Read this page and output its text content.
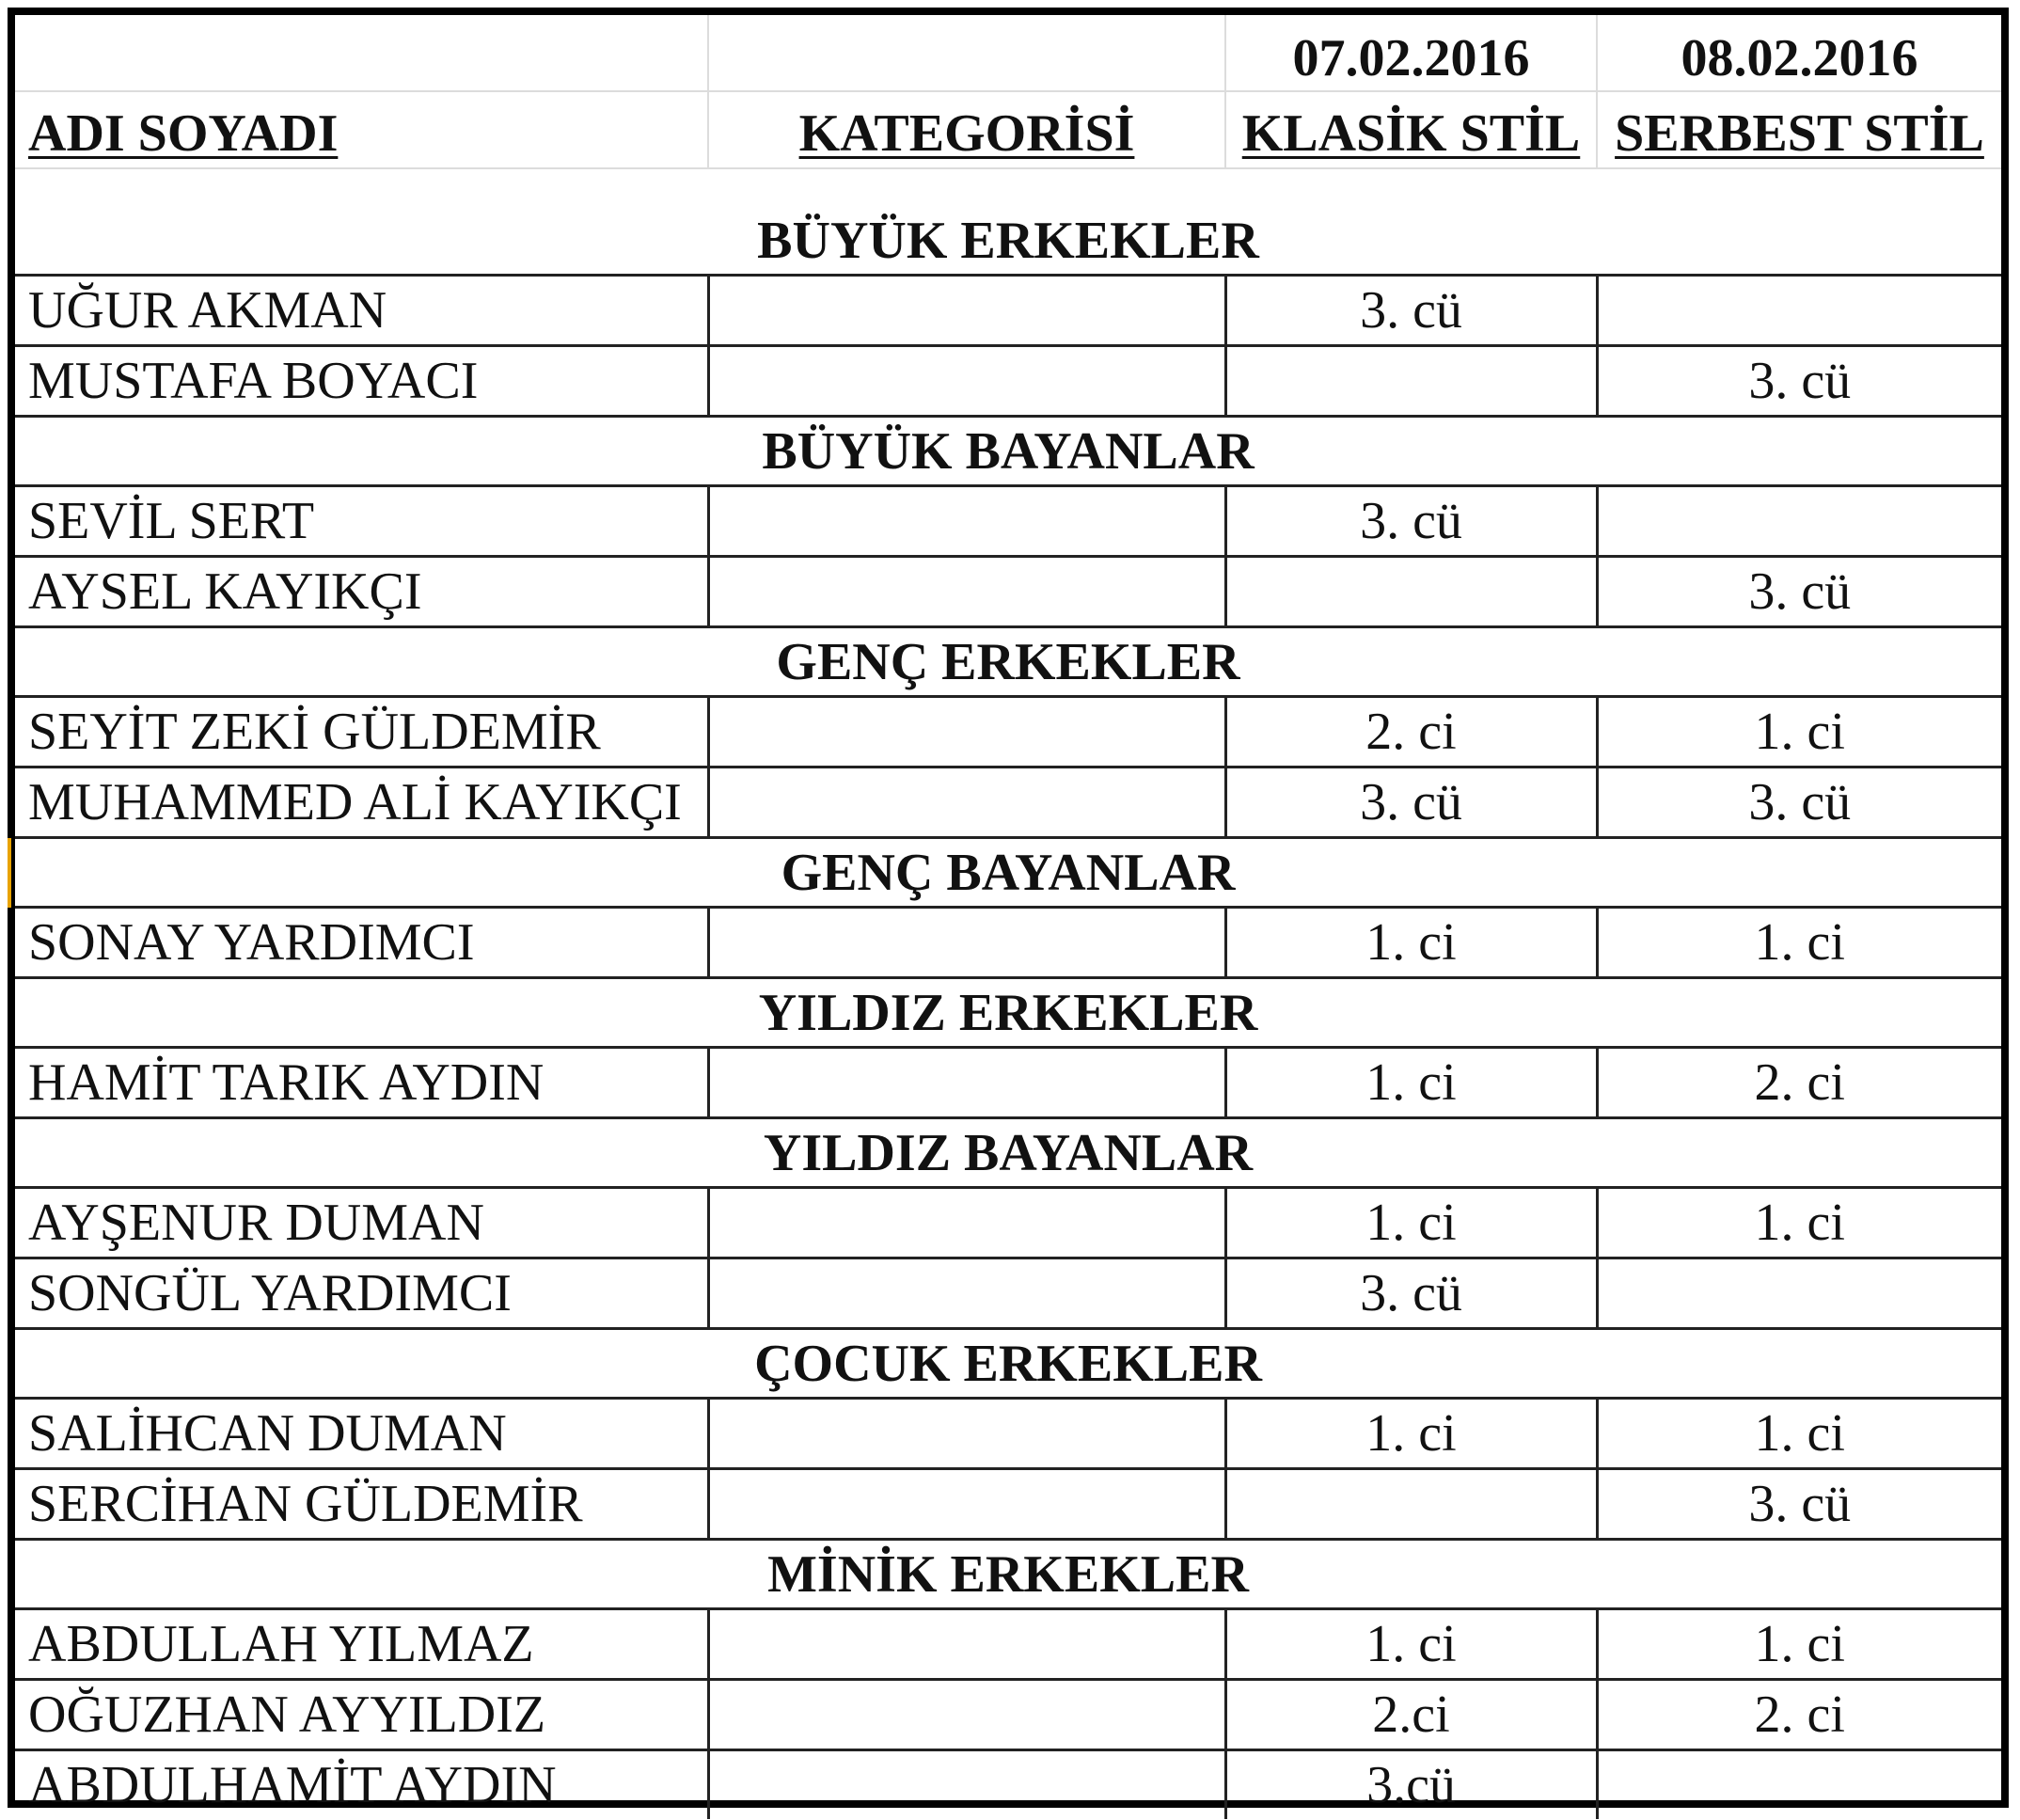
		07.02.2016	08.02.2016
ADI SOYADI	KATEGORİSİ	KLASİK STİL	SERBEST STİL

BÜYÜK ERKEKLER			
UĞUR AKMAN		3. cü	
MUSTAFA BOYACI			3. cü
BÜYÜK BAYANLAR			
SEVİL SERT		3. cü	
AYSEL KAYIKÇI			3. cü
GENÇ ERKEKLER			
SEYİT ZEKİ GÜLDEMİR		2. ci	1. ci
MUHAMMED ALİ KAYIKÇI		3. cü	3. cü
GENÇ BAYANLAR			
SONAY YARDIMCI		1. ci	1. ci
YILDIZ ERKEKLER			
HAMİT TARIK AYDIN		1. ci	2. ci
YILDIZ BAYANLAR			
AYŞENUR DUMAN		1. ci	1. ci
SONGÜL YARDIMCI		3. cü	
ÇOCUK ERKEKLER			
SALİHCAN DUMAN		1. ci	1. ci
SERCİHAN GÜLDEMİR			3. cü
MİNİK ERKEKLER			
ABDULLAH YILMAZ		1. ci	1. ci
OĞUZHAN AYYILDIZ		2.ci	2. ci
ABDULHAMİT AYDIN		3.cü	
